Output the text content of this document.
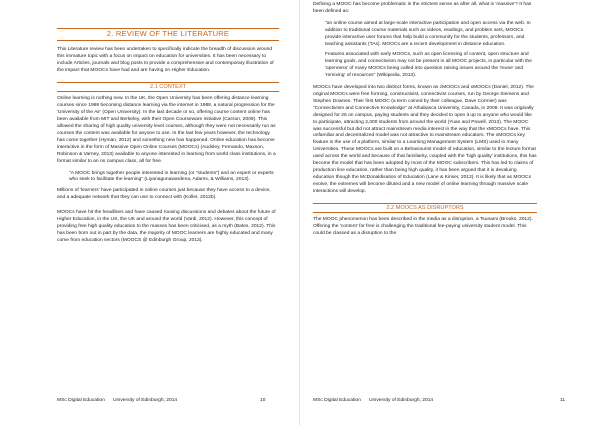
2. REVIEW OF THE LITERATURE

This Literature review has been undertaken to specifically indicate the breadth of discussion around this immature topic with a focus on impact on education for universities. It has been necessary to include Articles, journals and blog posts to provide a comprehensive and contemporary illustration of the impact that MOOCs have had and are having on Higher Education.

2.1 CONTEXT

Online learning is nothing new. In the UK, the Open University has been offering distance learning courses since 1969 becoming distance learning via the internet in 1988, a natural progression for the 'University of the Air' (Open University). In the last decade or so, offering course content online has been available from MIT and Berkeley, with their Open Courseware initiative (Carson, 2009). This allowed the sharing of high quality university level courses, although they were not necessarily run as courses the content was available for anyone to use. In the last few years however, the technology has come together (Hyman, 2012) and something new has happened. Online education has become interactive in the form of Massive Open Online Courses (MOOCs) (Audsley, Fernando, Maxson, Robinson & Varney, 2013) available to anyone interested in learning from world class institutions, in a format similar to an on campus class, all for free.

"A MOOC brings together people interested in learning (or "students") and an expert or experts who seek to facilitate the learning" (Liyanagunawardena, Adams, & Williams, 2013).

Millions of 'learners' have participated in online courses just because they have access to a device, and a adequate network that they can use to connect with (Koller, 2012b).

MOOCs have hit the headlines and have caused rousing discussions and debates about the future of Higher Education, in the US, the UK and around the world (Vardi, 2012). However, this concept of providing free high quality education to the masses has been criticised, as a myth (Bates, 2012). This has been born out in part by the data, the majority of MOOC learners are highly educated and many come from education sectors (MOOCS @ Edinburgh Group, 2013).

MSc Digital Education      University of Edinburgh, 2014	10

Defining a MOOC has become problematic in the strictest sense as after all, what is 'massive'? It has been defined as:

"an online course aimed at large-scale interactive participation and open access via the web. In addition to traditional course materials such as videos, readings, and problem sets, MOOCs provide interactive user forums that help build a community for the students, professors, and teaching assistants (TAs). MOOCs are a recent development in distance education.

Features associated with early MOOCs, such as open licensing of content, open structure and learning goals, and connectivism may not be present in all MOOC projects, in particular with the 'openness' of many MOOCs being called into question raising issues around the 'reuse' and 'remixing' of resources" (Wikipedia, 2013).

MOOCs have developed into two distinct forms, known as cMOOCs and xMOOCs (Daniel, 2012). The original MOOCs were free forming, constructivist, connectivist courses, run by George Siemens and Stephen Downes. Their first MOOC (a term coined by their colleague, Dave Cormier) was "Connectivism and Connective Knowledge" at Athabasca University, Canada, in 2008. It was originally designed for 25 on campus, paying students and they decided to open it up to anyone who would like to participate, attracting 2,300 students from around the world (Yuan and Powell, 2013). The MOOC was successful but did not attract mainstream media interest in the way that the xMOOCs have. This unfamiliar and decentralized model was not attractive to mainstream educators. The xMOOCs key feature is the use of a platform, similar to a Learning Management System (LMS) used in many Universities. These MOOCs are built on a Behaviourist model of education, similar to the lecture format used across the world and because of that familiarity, coupled with the 'high quality' institutions, this has become the model that has been adopted by most of the MOOC subscribers. This has led to claims of production line education, rather than being high quality, it has been argued that it is devaluing education though the McDonaldisation of Education (Lane & Kinser, 2012). It is likely that as MOOCs evolve, the extremes will become diluted and a new model of online learning through massive scale interactions will develop.

2.2 MOOCS AS DISRUPTORS

The MOOC phenomenon has been described in the media as a disruption, a Tsunami (Brooks, 2012). Offering the 'content' for free is challenging the traditional fee-paying university student model. This could be classed as a disruption to the

MSc Digital Education      University of Edinburgh, 2014	11
